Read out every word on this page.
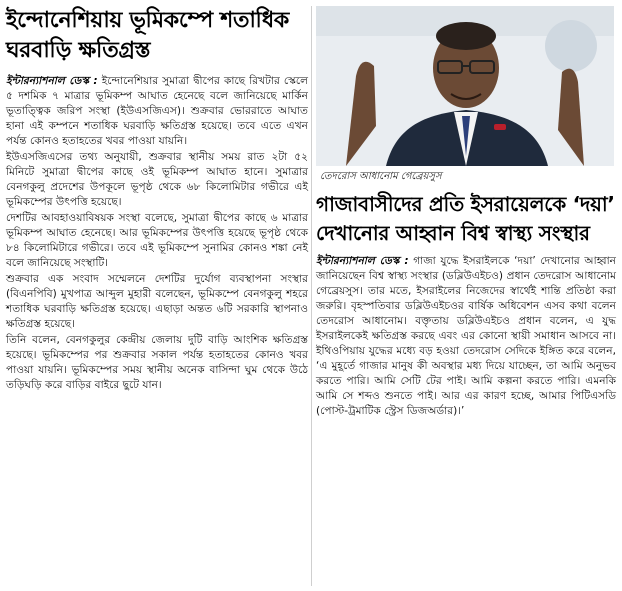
ইন্দোনেশিয়ায় ভূমিকম্পে শতাধিক ঘরবাড়ি ক্ষতিগ্রস্ত

ইন্টারন্যাশনাল ডেস্ক : ইন্দোনেশিয়ার সুমাত্রা দ্বীপের কাছে রিখটার স্কেলে ৫ দশমিক ৭ মাত্রার ভূমিকম্প আঘাত হেনেছে বলে জানিয়েছে মার্কিন ভূতাত্ত্বিক জরিপ সংস্থা (ইউএসজিএস)। শুক্রবার ভোররাতে আঘাত হানা এই কম্পনে শতাধিক ঘরবাড়ি ক্ষতিগ্রস্ত হয়েছে। তবে এতে এখন পর্যন্ত কোনও হতাহতের খবর পাওয়া যায়নি।

ইউএসজিএসের তথ্য অনুযায়ী, শুক্রবার স্থানীয় সময় রাত ২টা ৫২ মিনিটে সুমাত্রা দ্বীপের কাছে ওই ভূমিকম্প আঘাত হানে। সুমাত্রার বেনগকুলু প্রদেশের উপকূলে ভূপৃষ্ঠ থেকে ৬৮ কিলোমিটার গভীরে এই ভূমিকম্পের উৎপত্তি হয়েছে।

দেশটির আবহাওয়াবিষয়ক সংস্থা বলেছে, সুমাত্রা দ্বীপের কাছে ৬ মাত্রার ভূমিকম্প আঘাত হেনেছে। আর ভূমিকম্পের উৎপত্তি হয়েছে ভূপৃষ্ঠ থেকে ৮৪ কিলোমিটারে গভীরে। তবে এই ভূমিকম্পে সুনামির কোনও শঙ্কা নেই বলে জানিয়েছে সংস্থাটি।

শুক্রবার এক সংবাদ সম্মেলনে দেশটির দুর্যোগ ব্যবস্থাপনা সংস্থার (বিএনপিবি) মুখপাত্র আব্দুল মুহারী বলেছেন, ভূমিকম্পে বেনগকুলু শহরে শতাধিক ঘরবাড়ি ক্ষতিগ্রস্ত হয়েছে। এছাড়া অন্তত ৬টি সরকারি স্থাপনাও ক্ষতিগ্রস্ত হয়েছে।

তিনি বলেন, বেনগকুলুর কেন্দ্রীয় জেলায় দুটি বাড়ি আংশিক ক্ষতিগ্রস্ত হয়েছে। ভূমিকম্পের পর শুক্রবার সকাল পর্যন্ত হতাহতের কোনও খবর পাওয়া যায়নি। ভূমিকম্পের সময় স্থানীয় অনেক বাসিন্দা ঘুম থেকে উঠে তড়িঘড়ি করে বাড়ির বাইরে ছুটে যান।

তেদরোস আধানোম গেব্রেয়সুস
গাজাবাসীদের প্রতি ইসরায়েলকে ‘দয়া’ দেখানোর আহ্বান বিশ্ব স্বাস্থ্য সংস্থার

ইন্টারন্যাশনাল ডেস্ক : গাজা যুদ্ধে ইসরাইলকে ‘দয়া’ দেখানোর আহ্বান জানিয়েছেন বিশ্ব স্বাস্থ্য সংস্থার (ডব্লিউএইচও) প্রধান তেদরোস আধানোম গেব্রেয়সুস। তার মতে, ইসরাইলের নিজেদের স্বার্থেই শান্তি প্রতিষ্ঠা করা জরুরি। বৃহস্পতিবার ডব্লিউএইচওর বার্ষিক অধিবেশন এসব কথা বলেন তেদরোস আধানোম। বক্তৃতায় ডব্লিউএইচও প্রধান বলেন, এ যুদ্ধ ইসরাইলকেই ক্ষতিগ্রস্ত করছে এবং এর কোনো স্থায়ী সমাধান আসবে না। ইথিওপিয়ায় যুদ্ধের মধ্যে বড় হওয়া তেদরোস সেদিকে ইঙ্গিত করে বলেন, ‘এ মুহূর্তে গাজার মানুষ কী অবস্থার মধ্য দিয়ে যাচ্ছেন, তা আমি অনুভব করতে পারি। আমি সেটি টের পাই। আমি কল্পনা করতে পারি। এমনকি আমি সে শব্দও শুনতে পাই। আর এর কারণ হচ্ছে, আমার পিটিএসডি (পোস্ট-ট্রমাটিক স্ট্রেস ডিজঅর্ডার)।’
